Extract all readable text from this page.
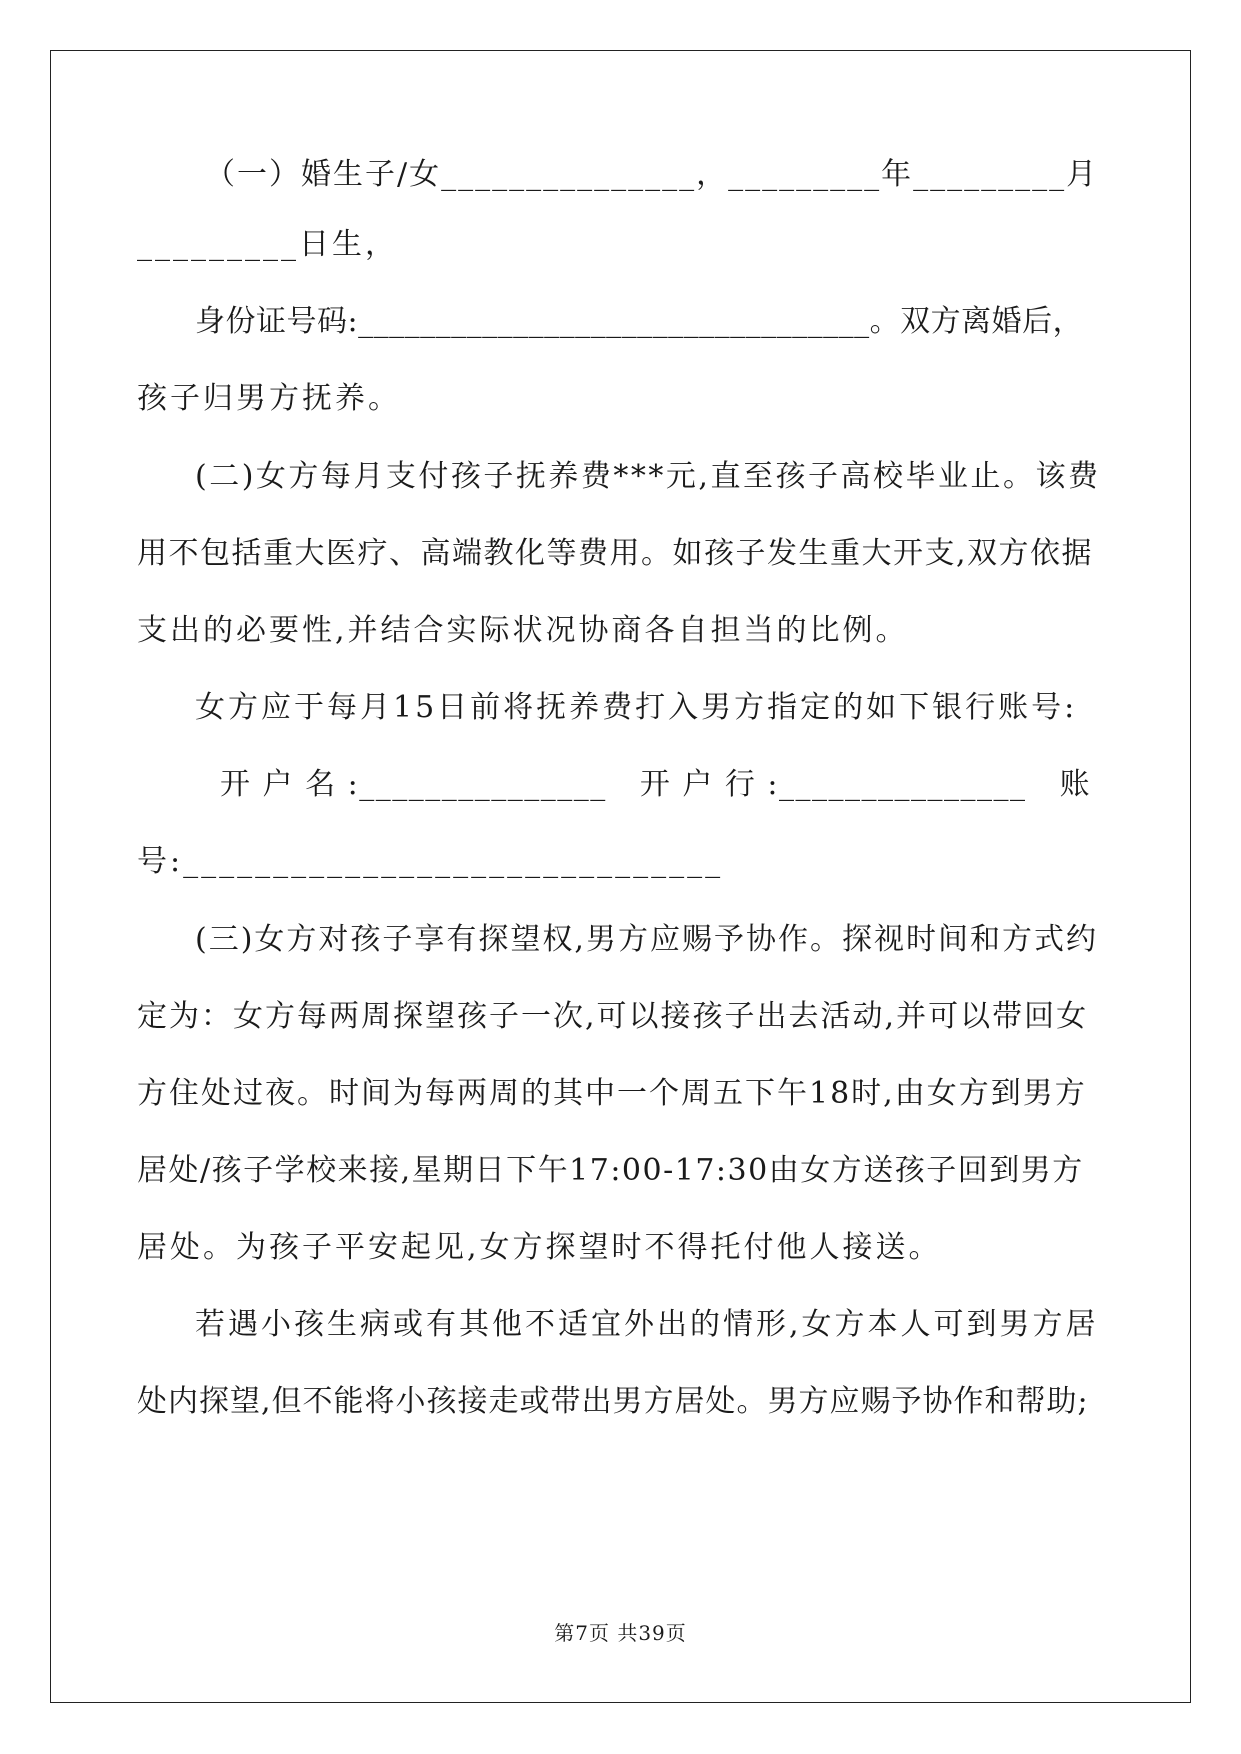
（一）婚生子/女_______________，_________年_________月
_________日生，
身份证号码:_________________________________。双方离婚后，
孩子归男方抚养。
(二)女方每月支付孩子抚养费***元,直至孩子高校毕业止。该费
用不包括重大医疗、高端教化等费用。如孩子发生重大开支,双方依据
支出的必要性,并结合实际状况协商各自担当的比例。
女方应于每月15日前将抚养费打入男方指定的如下银行账号:
开 户 名 :_______________   开 户 行 :_______________   账
号:______________________________
(三)女方对孩子享有探望权,男方应赐予协作。探视时间和方式约
定为：女方每两周探望孩子一次,可以接孩子出去活动,并可以带回女
方住处过夜。时间为每两周的其中一个周五下午18时,由女方到男方
居处/孩子学校来接,星期日下午17:00-17:30由女方送孩子回到男方
居处。为孩子平安起见,女方探望时不得托付他人接送。
若遇小孩生病或有其他不适宜外出的情形,女方本人可到男方居
处内探望,但不能将小孩接走或带出男方居处。男方应赐予协作和帮助;
第7页 共39页
